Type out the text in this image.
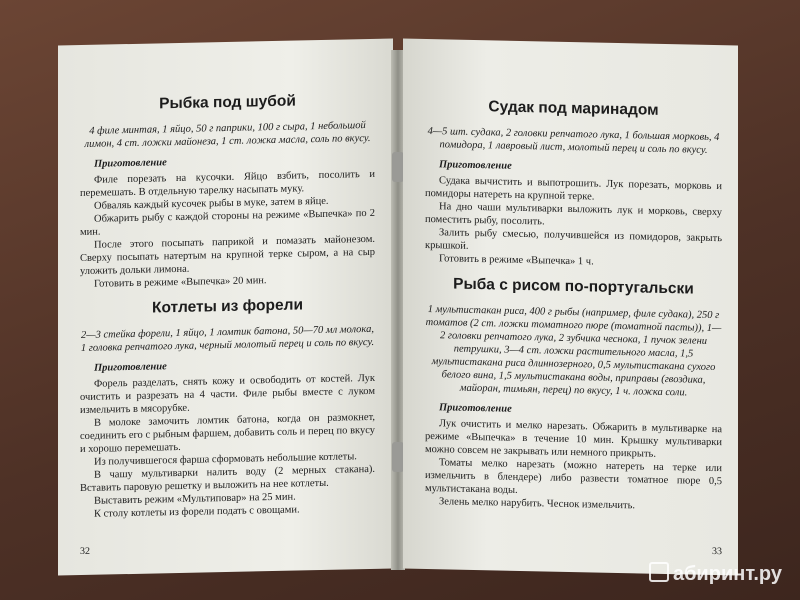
Рыбка под шубой

4 филе минтая, 1 яйцо, 50 г паприки, 100 г сыра, 1 небольшой лимон, 4 ст. ложки майонеза, 1 ст. ложка масла, соль по вкусу.

Приготовление

Филе порезать на кусочки. Яйцо взбить, посолить и перемешать. В отдельную тарелку насыпать муку.

Обваляь каждый кусочек рыбы в муке, затем в яйце.

Обжарить рыбу с каждой стороны на режиме «Выпечка» по 2 мин.

После этого посыпать паприкой и помазать майонезом. Сверху посыпать натертым на крупной терке сыром, а на сыр уложить дольки лимона.

Готовить в режиме «Выпечка» 20 мин.

Котлеты из форели

2—3 стейка форели, 1 яйцо, 1 ломтик батона, 50—70 мл молока, 1 головка репчатого лука, черный молотый перец и соль по вкусу.

Приготовление

Форель разделать, снять кожу и освободить от костей. Лук очистить и разрезать на 4 части. Филе рыбы вместе с луком измельчить в мясорубке.

В молоке замочить ломтик батона, когда он размокнет, соединить его с рыбным фаршем, добавить соль и перец по вкусу и хорошо перемешать.

Из получившегося фарша сформовать небольшие котлеты.

В чашу мультиварки налить воду (2 мерных стакана). Вставить паровую решетку и выложить на нее котлеты.

Выставить режим «Мультиповар» на 25 мин.

К столу котлеты из форели подать с овощами.

32
Судак под маринадом

4—5 шт. судака, 2 головки репчатого лука, 1 большая морковь, 4 помидора, 1 лавровый лист, молотый перец и соль по вкусу.

Приготовление

Судака вычистить и выпотрошить. Лук порезать, морковь и помидоры натереть на крупной терке.

На дно чаши мультиварки выложить лук и морковь, сверху поместить рыбу, посолить.

Залить рыбу смесью, получившейся из помидоров, закрыть крышкой.

Готовить в режиме «Выпечка» 1 ч.

Рыба с рисом по-португальски

1 мультистакан риса, 400 г рыбы (например, филе судака), 250 г томатов (2 ст. ложки томатного пюре (томатной пасты)), 1—2 головки репчатого лука, 2 зубчика чеснока, 1 пучок зелени петрушки, 3—4 ст. ложки растительного масла, 1,5 мультистакана риса длиннозерного, 0,5 мультистакана сухого белого вина, 1,5 мультистакана воды, приправы (гвоздика, майоран, тимьян, перец) по вкусу, 1 ч. ложка соли.

Приготовление

Лук очистить и мелко нарезать. Обжарить в мультиварке на режиме «Выпечка» в течение 10 мин. Крышку мультиварки можно совсем не закрывать или немного прикрыть.

Томаты мелко нарезать (можно натереть на терке или измельчить в блендере) либо развести томатное пюре 0,5 мультистакана воды.

Зелень мелко нарубить. Чеснок измельчить.

33
абиринт.ру
